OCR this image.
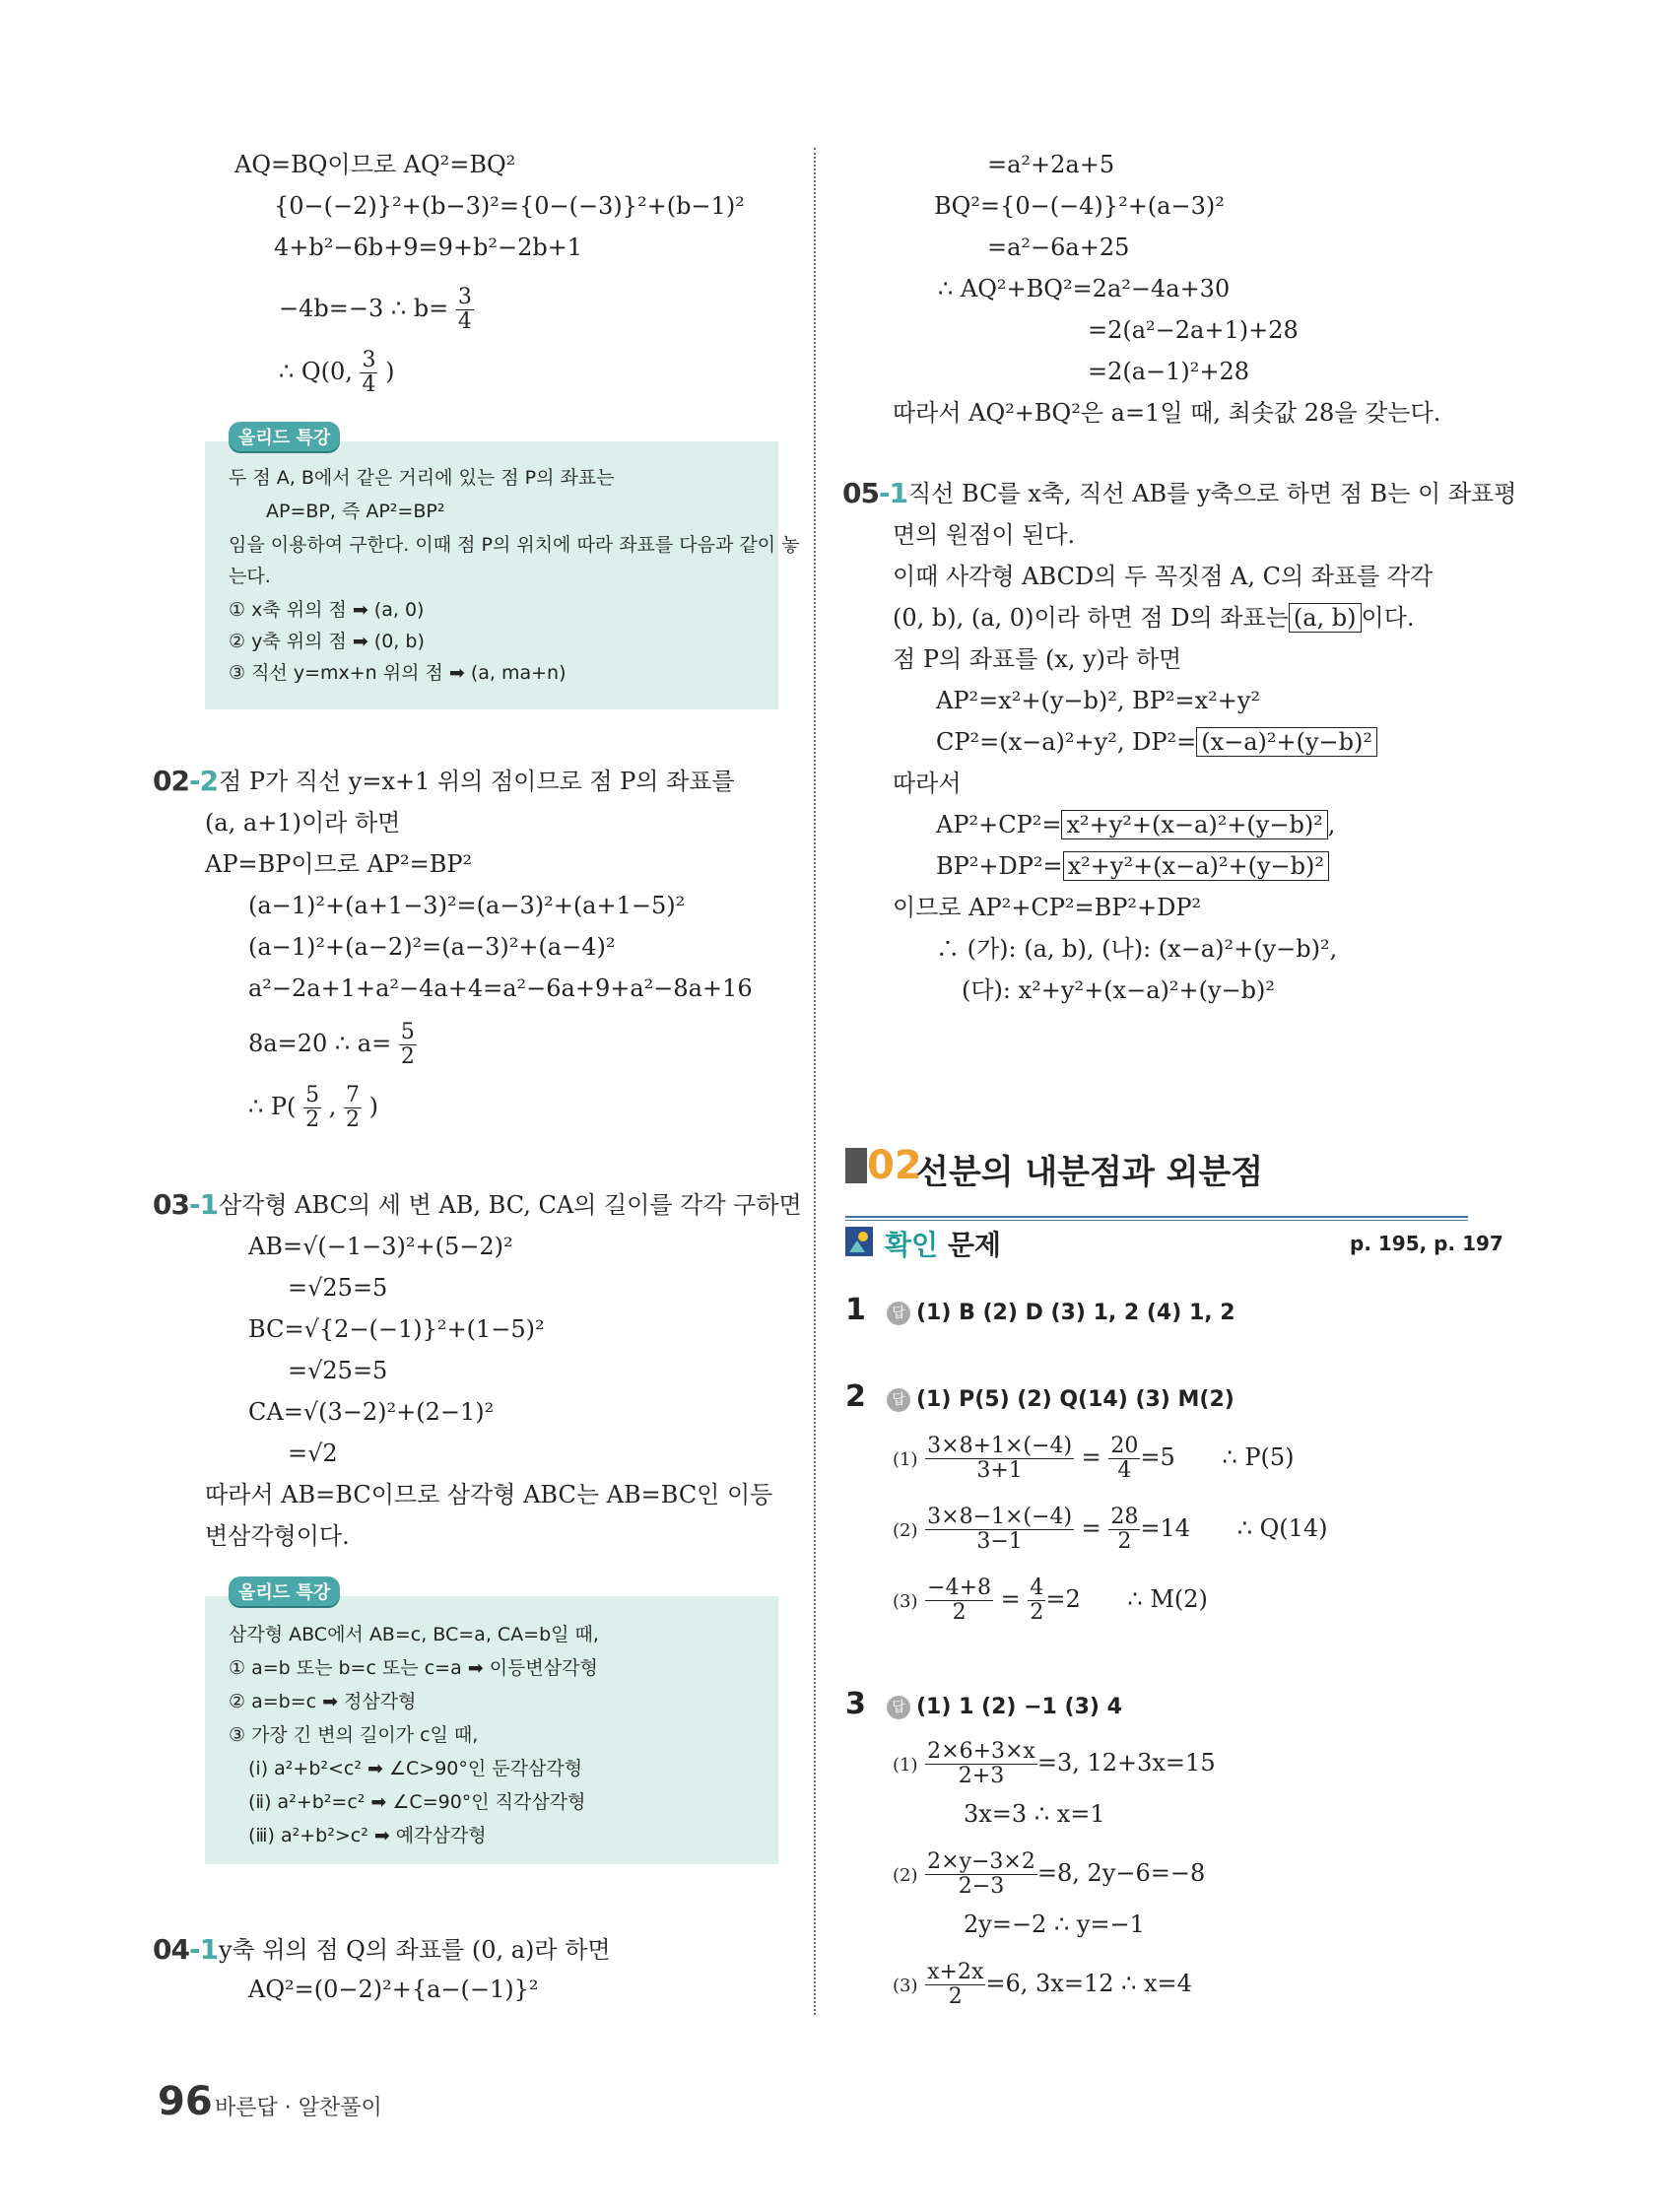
AQ=BQ이므로 AQ²=BQ²
{0−(−2)}²+(b−3)²={0−(−3)}²+(b−1)²
4+b²−6b+9=9+b²−2b+1
−4b=−3 ∴ $b= \frac{3}{4}$
∴ Q(0, $\frac{3}{4}$ )
두 점 A, B에서 같은 거리에 있는 점 P의 좌표는
AP=BP, 즉 AP²=BP²
임을 이용하여 구한다. 이때 점 P의 위치에 따라 좌표를 다음과 같이 놓
는다.
① x축 위의 점 ➡ (a, 0)
② y축 위의 점 ➡ (0, b)
③ 직선 y=mx+n 위의 점 ➡ (a, ma+n)
올리드 특강
02-2 점 P가 직선 y=x+1 위의 점이므로 점 P의 좌표를
(a, a+1)이라 하면
AP=BP이므로 AP²=BP²
(a−1)²+(a+1−3)²=(a−3)²+(a+1−5)²
(a−1)²+(a−2)²=(a−3)²+(a−4)²
a²−2a+1+a²−4a+4=a²−6a+9+a²−8a+16
8a=20 ∴ $a= \frac{5}{2}$
∴ $P( \frac{5}{2}$ , $\frac{7}{2}$ )
03-1 삼각형 ABC의 세 변 AB, BC, CA의 길이를 각각 구하면
AB=√(−1−3)²+(5−2)²
=√25=5
BC=√{2−(−1)}²+(1−5)²
=√25=5
CA=√(3−2)²+(2−1)²
=√2
따라서 AB=BC이므로 삼각형 ABC는 AB=BC인 이등
변삼각형이다.
삼각형 ABC에서 AB=c, BC=a, CA=b일 때,
① a=b 또는 b=c 또는 c=a ➡ 이등변삼각형
② a=b=c ➡ 정삼각형
③ 가장 긴 변의 길이가 c일 때,
(ⅰ) a²+b²<c² ➡ ∠C>90°인 둔각삼각형
(ⅱ) a²+b²=c² ➡ ∠C=90°인 직각삼각형
(ⅲ) a²+b²>c² ➡ 예각삼각형
올리드 특강
04-1 y축 위의 점 Q의 좌표를 (0, a)라 하면
AQ²=(0−2)²+{a−(−1)}²
=a²+2a+5
BQ²={0−(−4)}²+(a−3)²
=a²−6a+25
∴ AQ²+BQ²=2a²−4a+30
=2(a²−2a+1)+28
=2(a−1)²+28
따라서 AQ²+BQ²은 a=1일 때, 최솟값 28을 갖는다.
05-1 직선 BC를 x축, 직선 AB를 y축으로 하면 점 B는 이 좌표평
면의 원점이 된다.
이때 사각형 ABCD의 두 꼭짓점 A, C의 좌표를 각각
(0, b), (a, 0)이라 하면 점 D의 좌표는 (a, b) 이다.
점 P의 좌표를 (x, y)라 하면
AP²=x²+(y−b)², BP²=x²+y²
CP²=(x−a)²+y², DP²= (x−a)²+(y−b)²
따라서
AP²+CP²= x²+y²+(x−a)²+(y−b)² ,
BP²+DP²= x²+y²+(x−a)²+(y−b)²
이므로 AP²+CP²=BP²+DP²
∴ (가): (a, b), (나): (x−a)²+(y−b)²,
(다): x²+y²+(x−a)²+(y−b)²
02
선분의 내분점과 외분점
확인 문제	p. 195, p. 197
1	답 (1) B (2) D (3) 1, 2 (4) 1, 2
2	답 (1) P(5) (2) Q(14) (3) M(2)
$(1) \frac{3\times 8+1\times(-4)}{3+1} = \frac{20}{4} =5$ ∴ P(5)
$(2) \frac{3\times 8-1\times(-4)}{3-1} = \frac{28}{2} =14$ ∴ Q(14)
$(3) \frac{-4+8}{2} = \frac{4}{2} =2$ ∴ M(2)
3	답 (1) 1 (2) −1 (3) 4
$(1) \frac{2\times 6+3\times x}{2+3} =3$, 12+3x=15
3x=3 ∴ x=1
$(2) \frac{2\times y-3\times 2}{2-3} =8$, 2y−6=−8
2y=−2 ∴ y=−1
$(3) \frac{x+2x}{2} =6$, 3x=12 ∴ x=4
96 바른답 · 알찬풀이
